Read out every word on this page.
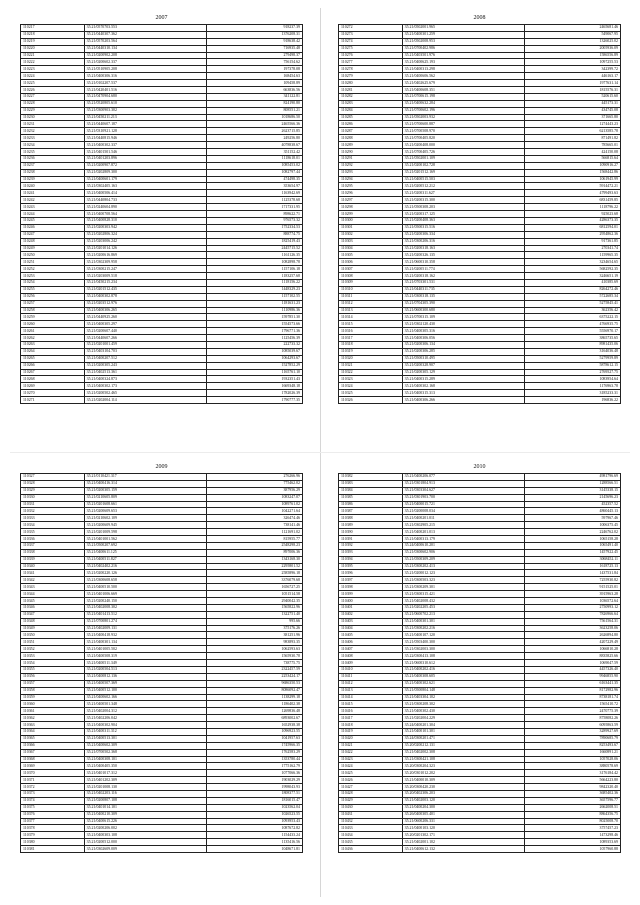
2007
110217	35.21/0570703.553	918237.39
110218	35.21/0440307.362	1376208.31
110219	35.21/0570203.564	918638.42
110220	35.21/0440310.134	716935.48
110221	35.21/0200902.208	279498.37
110222	35.21/0200602.337	756154.62
110223	35.21/0510905.208	197378.08
110224	35.21/0400306.316	168454.63
110225	35.21/0102207.537	109458.89
110226	35.21/0420401.516	663836.56
110227	35.21/0470904.680	341122.81
110228	35.21/0520805.610	824190.80
110229	35.21/0300903.302	808551.21
110230	35.21/0450211.213	1018686.50
110231	35.21/0440607.187	2465566.36
110232	35.21/0310921.128	2623715.85
110233	35.21/0440815.946	249256.80
110234	35.21/0400302.337	4078838.67
110235	35.21/0401501.546	351152.42
110236	35.21/0401203.896	1118618.01
110237	35.21/0200907.872	1085453.02
110238	35.21/0202809.300	1082797.44
110239	35.21/0400601.179	474498.35
110240	35.21/0302405.163	353654.97
110241	35.21/0400506.414	1163942.69
110242	35.21/0440804.733	1125378.68
110243	35.21/0240604.890	1717331.95
110244	35.21/0400708.564	898622.71
110245	35.21/0400828.310	976573.32
110246	35.21/0200303.942	1752334.53
110247	35.21/0202806.324	888774.75
110248	35.21/0203006.242	1825419.43
110249	35.21/0201014.126	2445715.52
110250	35.21/0200616.869	1161126.35
110251	35.21/0302309.958	1082898.78
110252	35.21/0300215.247	1157106.18
110253	35.21/0203009.518	1183257.68
110254	35.21/0450215.234	1118156.22
110255	35.21/0201512.435	1448329.23
110256	35.21/0400302.878	1157102.55
110257	35.21/0203512.976	1181631.23
110258	35.21/0400306.265	1110986.36
110259	35.21/0440925.260	1597851.30
110260	35.21/0400305.297	1554573.66
110261	35.21/0200607.440	1796771.36
110262	35.21/0440607.266	1125456.39
110263	35.21/0201001.459	222733.32
110264	35.21/0403104.703	1085039.67
110265	35.21/0400207.512	1064293.67
110266	35.21/0200305.243	1527852.29
110267	35.21/0402513.361	1165761.10
110268	35.21/0400324.873	1932351.43
110269	35.21/0400302.173	1669348.18
110270	35.21/0200502.465	1782026.39
110271	35.21/0202004.114	1790777.35
2008
110272	35.21/0502001.965	2465681.46
110273	35.21/0400301.259	549067.95
110274	35.21/0502008.953	1326025.02
110275	35.21/0700402.986	2005936.09
110276	35.21/0403501.976	1586556.89
110277	35.21/0400625.193	1097255.53
110278	35.21/0400313.298	342399.72
110279	35.21/0400606.562	446163.17
110280	35.21/0402625.679	1977631.14
110281	35.21/0400608.351	1815576.31
110282	35.21/0700615.198	520615.60
110283	35.21/0400632.284	445173.31
110284	35.21/0700602.196	434745.08
110285	35.21/0502003.932	371665.80
110286	35.21/0700600.887	1274443.23
110287	35.21/0700508.970	6213585.78
110288	35.21/0700405.820	871491.82
110289	35.21/0200408.000	785665.01
110290	35.21/0700405.726	424150.08
110291	35.21/0502001.109	566815.64
110292	35.21/0200102.728	1090916.27
110293	35.21/0201512.169	1568442.86
110294	35.21/0400515.503	1061945.99
110295	35.21/0200512.212	5914472.21
110296	35.21/0200311.627	4799493.63
110297	35.21/0200315.300	6831459.85
110298	35.21/0500308.203	1118796.22
110299	35.21/0200317.125	925023.68
110300	35.21/0200408.363	4286373.35
110301	35.21/0500315.516	6812594.01
110302	35.21/0200306.334	2954862.36
110303	35.21/0300206.316	917361.85
110304	35.21/0200318.163	270341.74
110305	35.21/0200326.135	1159965.35
110306	35.21/0600310.358	3234654.65
110307	35.21/0200511.774	5682592.35
110308	35.21/0200318.162	3246651.19
110309	35.21/0703301.531	410385.69
110310	35.21/0440311.735	8264272.46
110311	35.21/0300318.135	5722685.34
110312	35.21/0704305.390	5275845.41
110313	35.21/0600300.680	362356.42
110314	35.21/0700315.109	6375222.15
110315	35.21/0302120.430	4766935.75
110316	35.21/0400305.316	5556970.17
110317	35.21/0400306.056	3865735.65
110318	35.21/0200306.134	8981435.06
110319	35.21/0200306.285	3164036.48
110320	35.21/0500310.495	5279959.89
110321	35.21/0200328.907	5878612.15
110322	35.21/0200305.129	2769527.75
110323	35.21/0400315.289	1083954.64
110324	35.21/0400302.168	1176963.78
110325	35.21/0400315.313	3185233.31
110326	35.21/0400306.266	196836.22
2009
110327	35.21/0110421.317	276266.96
110328	35.21/0400416.314	775462.02
110329	35.21/0200305.159	387956.29
110330	35.21/0210605.809	1083247.07
110331	35.21/0201608.661	1089761.02
110332	35.21/0200609.653	1042271.64
110333	35.21/0210602.109	326474.46
110334	35.21/0200609.945	738141.46
110335	35.21/0201009.598	1121691.02
110336	35.21/0401001.562	815955.77
110337	35.21/0500207.692	2548298.23
110338	35.21/0400611.125	897006.36
110339	35.21/0400511.827	1343168.30
110340	35.21/0402402.216	2295801.52
110341	35.21/0200220.126	2585896.18
110342	35.21/0300608.658	3376079.68
110343	35.21/0400510.500	1656727.25
110344	35.21/0401006.669	1051514.58
110345	35.21/0200240.150	2940042.35
110346	35.21/0402008.302	1565822.96
110347	35.21/0401413.512	1322751.40
110348	35.21/0700801.274	995.66
110349	35.21/0402009.131	375176.26
110350	35.21/0400418.932	381251.96
110351	35.21/0400301.134	983893.35
110352	35.21/0401005.502	1062593.63
110353	35.21/0400508.319	1565930.78
110354	35.21/0400511.349	738775.75
110355	35.21/0200504.513	2322457.59
110356	35.21/0400812.136	2253424.17
110357	35.21/0400507.369	9686350.53
110358	35.21/0400512.100	8086092.47
110359	35.21/0400602.166	1138299.18
110360	35.21/0400501.348	1186402.38
110361	35.21/0402004.312	1269836.48
110362	35.21/0402206.042	6893002.67
110363	35.21/0400302.904	1652938.38
110364	35.21/0400311.312	1096923.55
110365	35.21/0400513.301	1041957.63
110366	35.21/0400602.309	1745966.35
110367	35.21/0700502.368	1762583.29
110368	35.21/0400308.101	1353780.44
110369	35.21/0400405.350	1775162.79
110370	35.21/0401017.312	1077066.36
110371	35.21/0401202.309	1903029.29
110372	35.21/0201008.130	1998043.93
110373	35.21/0402203.116	1808377.51
110374	35.21/0200807.108	1816015.47
110375	35.21/0401014.101	1023562.04
110376	35.21/0400210.309	1026523.55
110377	35.21/0400615.226	1093953.43
110378	35.21/0200206.002	1087672.82
110379	35.21/0400303.108	1154433.24
110380	35.21/0200512.000	1135416.56
110381	35.21/0302609.009	1048671.81
2010
110382	35.21/0400206.077	4981796.69
110383	35.21/0301804.913	1288566.51
110384	35.21/0303304.627	3145338.15
110385	35.21/0301903.700	2145696.23
110386	35.21/0400015.721	452357.52
110387	35.21/0200008.034	4860445.13
110388	35.21/0400201.011	597967.46
110389	35.21/0302905.215	1006375.45
110390	35.21/0400201.013	2246762.02
110391	35.21/0400313.179	1065158.28
110392	35.24/0400610.201	1065491.40
110393	35.21/0300602.906	1457922.45
110394	35.21/0500309.209	3068452.11
110395	35.21/0300202.413	1618725.13
110396	35.21/0200012.123	1437531.84
110397	35.21/0300503.323	7255930.82
110398	35.21/0300209.301	9151525.01
110399	35.21/0300315.421	3915963.28
110400	35.21/0402008.432	1036572.64
110401	35.21/0202205.453	2750993.12
110402	35.21/0600702.213	7826966.64
110403	35.21/0400301.301	7561564.31
110404	35.21/0300202.216	3623258.06
110405	35.21/0400107.120	2626894.80
110406	35.21/0503400.300	4207229.49
110407	35.21/0302003.300	1066810.28
110408	35.22/0300413.108	8835825.66
110409	35.21/0600310.612	1069047.59
110410	35.21/0400202.416	4457326.40
110411	35.21/0400308.605	9946855.90
110412	35.21/0400302.621	6163441.35
110413	35.21/0500804.148	8172982.96
110414	35.21/0403304.102	8738181.74
110415	35.21/0300208.302	1565410.72
110416	35.21/0400302.430	2470775.39
110417	35.21/0202004.229	8758082.26
110418	35.24/0400201.304	6095863.59
110419	35.21/0400101.301	3289927.69
110420	35.24/0300201.471	7890685.79
110421	35.20/0200212.131	8253493.67
110422	35.21/0402002.308	1660891.21
110423	35.21/0300421.108	1057028.06
110424	35.20/0300204.323	3880578.69
110425	35.20/0301012.202	3176184.42
110426	35.21/0400010.309	5664223.80
110427	35.20/0300420.230	9842320.40
110428	35.20/0402306.203	3685402.36
110429	35.21/0402003.120	3657596.77
110430	35.21/0400204.300	2662008.51
110431	35.26/0400305.401	8864356.75
110432	35.21/0600206.331	8025008.70
110433	35.21/0400103.120	3757457.23
110434	35.20/0201302.171	1473298.46
110435	35.21/0402001.102	1089353.69
110436	35.21/0400612.132	1057960.88
